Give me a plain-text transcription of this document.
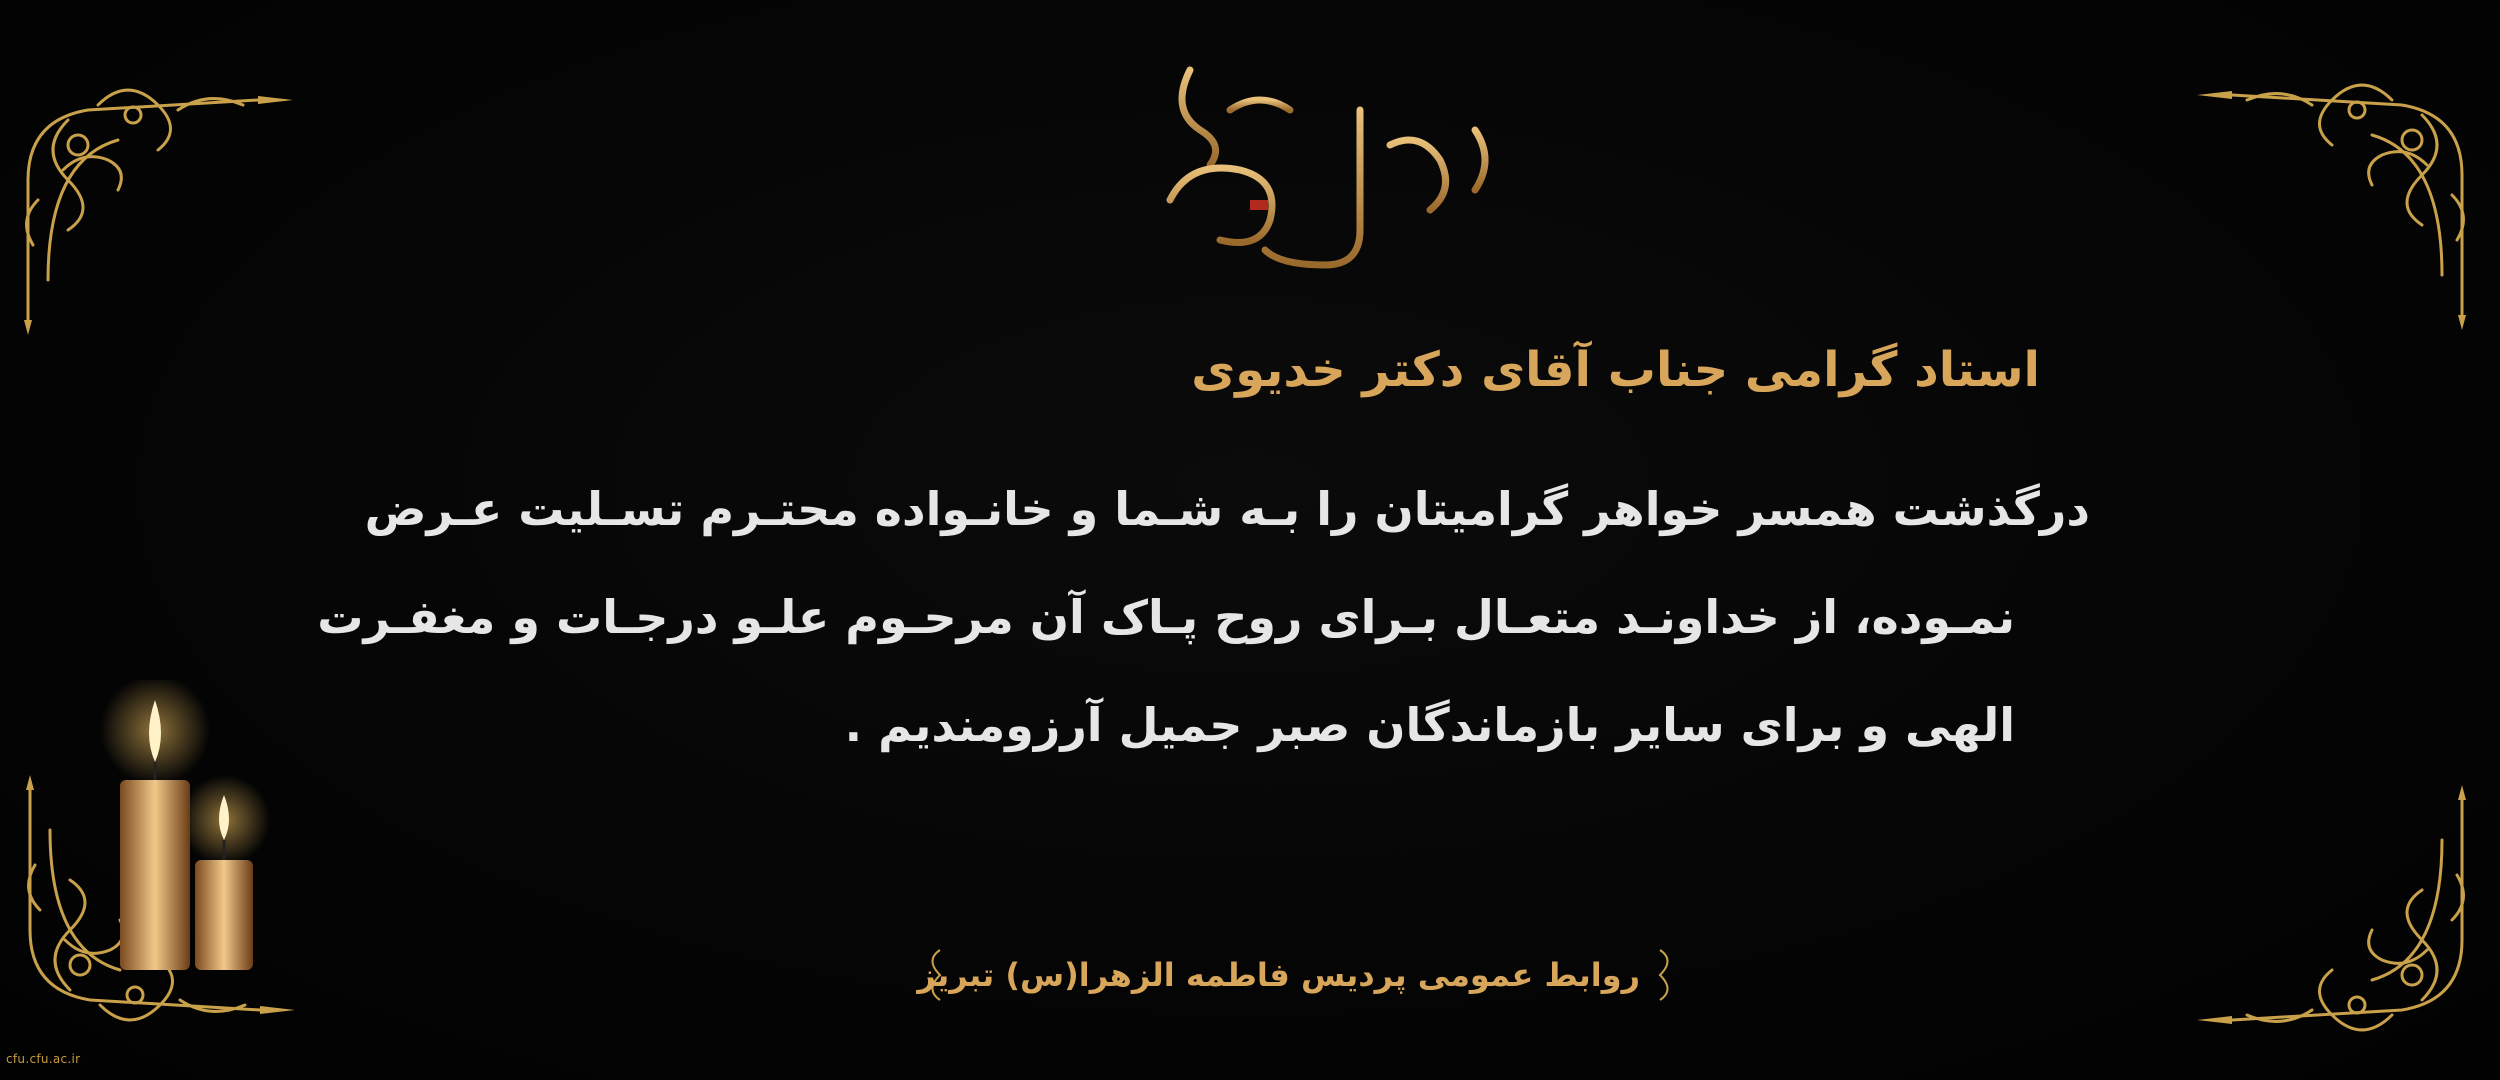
استاد گرامی جناب آقای دکتر خدیوی

درگذشت همسر خواهر گرامیتان را بـه شـما و خانـواده محتـرم تسـلیت عـرض
نمـوده، از خداونـد متعـال بـرای روح پـاک آن مرحـوم علـو درجـات و مغفـرت
الهی و برای سایر بازماندگان صبر جمیل آرزومندیم .

روابط عمومی پردیس فاطمه الزهرا(س) تبریز
cfu.cfu.ac.ir
